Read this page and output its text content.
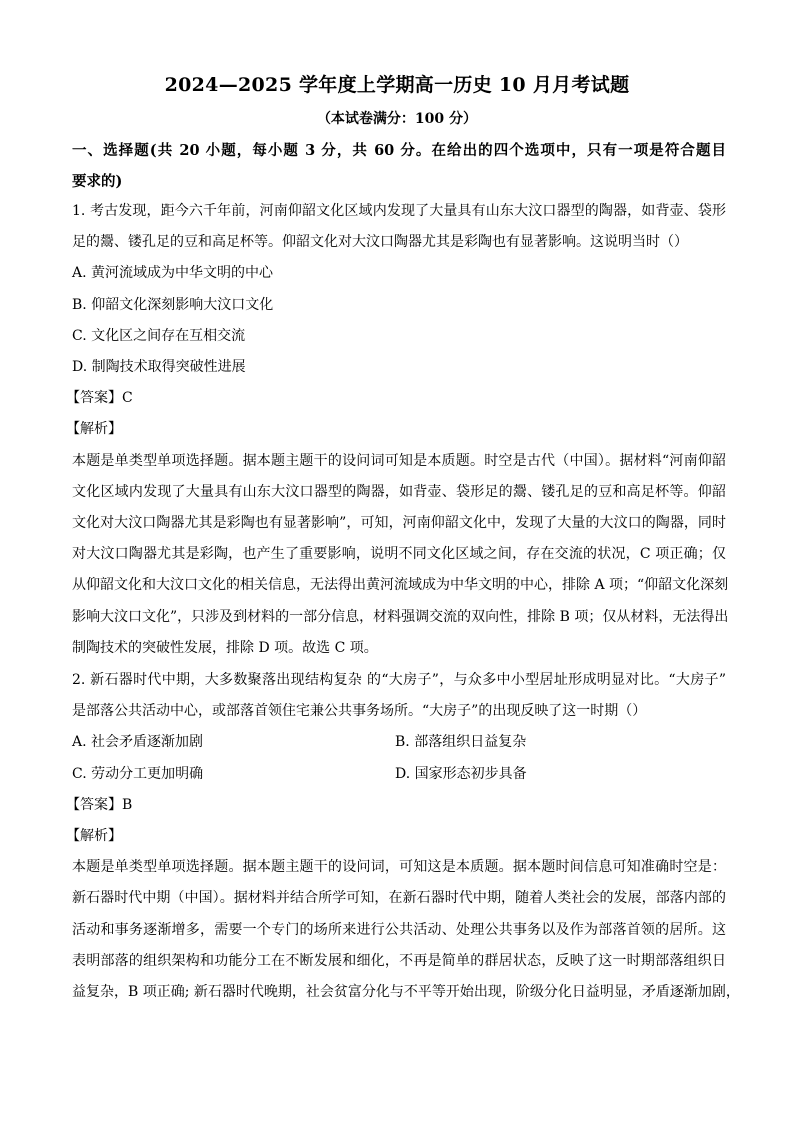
2024—2025 学年度上学期高一历史 10 月月考试题
（本试卷满分：100 分）
一、选择题(共 20 小题，每小题 3 分，共 60 分。在给出的四个选项中，只有一项是符合题目
要求的)
1. 考古发现，距今六千年前，河南仰韶文化区域内发现了大量具有山东大汶口器型的陶器，如背壶、袋形
足的鬶、镂孔足的豆和高足杯等。仰韶文化对大汶口陶器尤其是彩陶也有显著影响。这说明当时（）
A. 黄河流域成为中华文明的中心
B. 仰韶文化深刻影响大汶口文化
C. 文化区之间存在互相交流
D. 制陶技术取得突破性进展
【答案】C
【解析】
本题是单类型单项选择题。据本题主题干的设问词可知是本质题。时空是古代（中国）。据材料“河南仰韶
文化区域内发现了大量具有山东大汶口器型的陶器，如背壶、袋形足的鬶、镂孔足的豆和高足杯等。仰韶
文化对大汶口陶器尤其是彩陶也有显著影响”，可知，河南仰韶文化中，发现了大量的大汶口的陶器，同时
对大汶口陶器尤其是彩陶，也产生了重要影响，说明不同文化区域之间，存在交流的状况，C 项正确；仅
从仰韶文化和大汶口文化的相关信息，无法得出黄河流域成为中华文明的中心，排除 A 项；“仰韶文化深刻
影响大汶口文化”，只涉及到材料的一部分信息，材料强调交流的双向性，排除 B 项；仅从材料，无法得出
制陶技术的突破性发展，排除 D 项。故选 C 项。
2. 新石器时代中期，大多数聚落出现结构复杂 的“大房子”，与众多中小型居址形成明显对比。“大房子”
是部落公共活动中心，或部落首领住宅兼公共事务场所。“大房子”的出现反映了这一时期（）
A. 社会矛盾逐渐加剧	B. 部落组织日益复杂
C. 劳动分工更加明确	D. 国家形态初步具备
【答案】B
【解析】
本题是单类型单项选择题。据本题主题干的设问词，可知这是本质题。据本题时间信息可知准确时空是：
新石器时代中期（中国）。据材料并结合所学可知，在新石器时代中期，随着人类社会的发展，部落内部的
活动和事务逐渐增多，需要一个专门的场所来进行公共活动、处理公共事务以及作为部落首领的居所。这
表明部落的组织架构和功能分工在不断发展和细化，不再是简单的群居状态，反映了这一时期部落组织日
益复杂，B 项正确; 新石器时代晚期，社会贫富分化与不平等开始出现，阶级分化日益明显，矛盾逐渐加剧，
